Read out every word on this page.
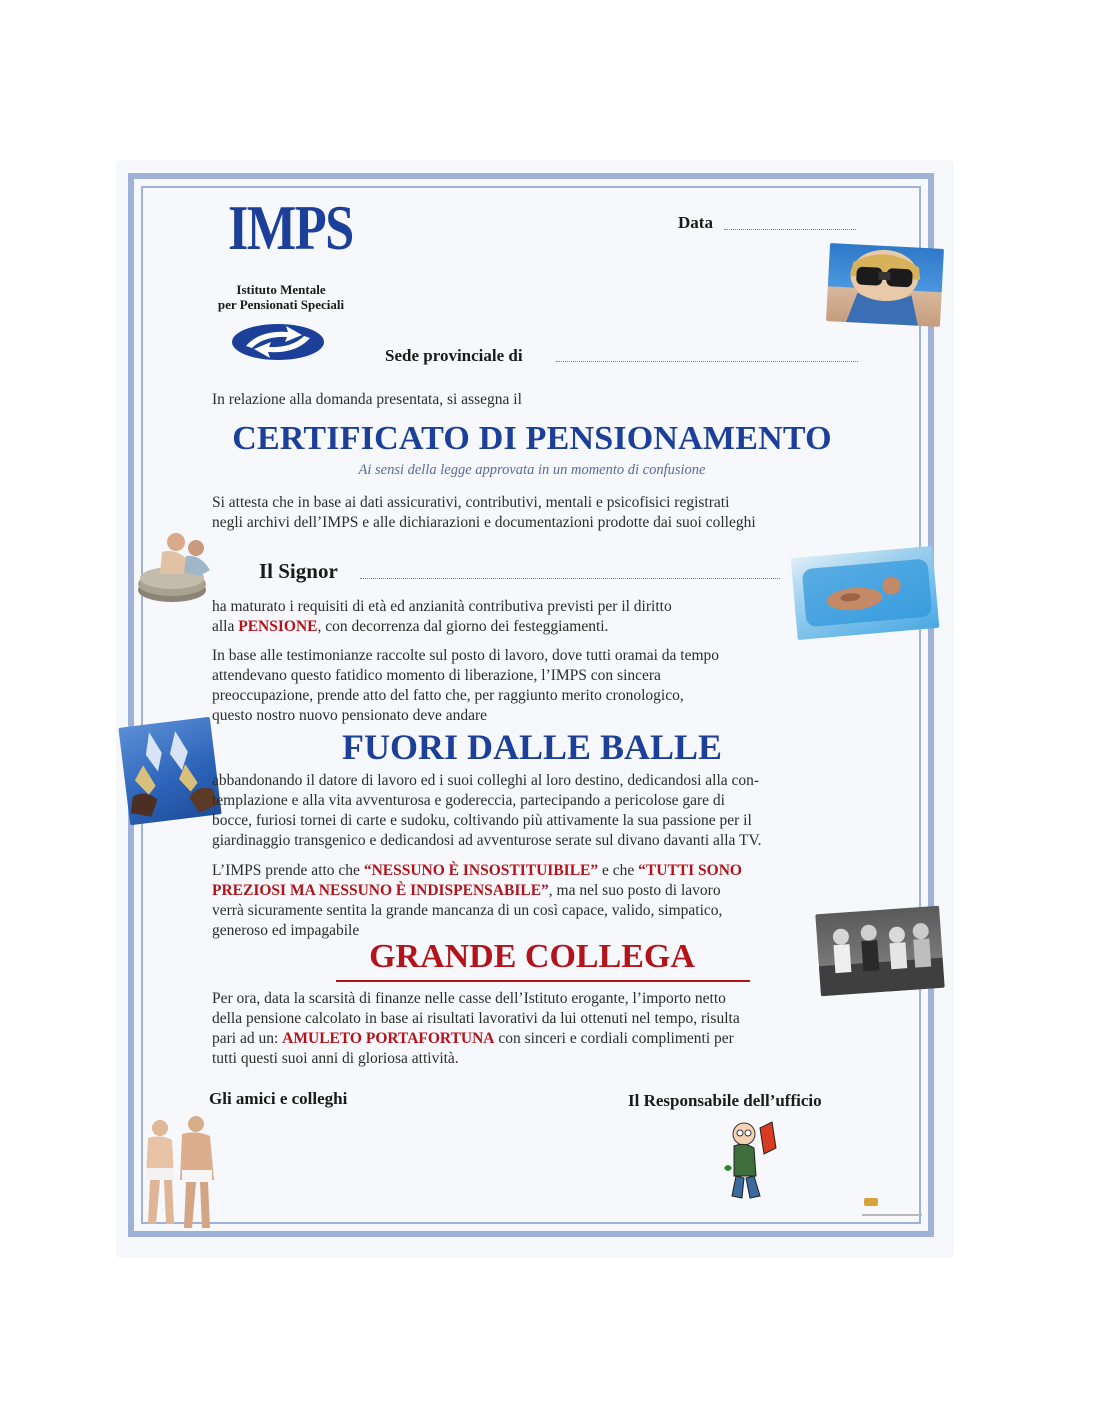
IMPS
Istituto Mentale
per Pensionati Speciali
Data
Sede provinciale di
In relazione alla domanda presentata, si assegna il
CERTIFICATO DI PENSIONAMENTO
Ai sensi della legge approvata in un momento di confusione
Si attesta che in base ai dati assicurativi, contributivi, mentali e psicofisici registrati
negli archivi dell’IMPS e alle dichiarazioni e documentazioni prodotte dai suoi colleghi
Il Signor
ha maturato i requisiti di età ed anzianità contributiva previsti per il diritto
alla PENSIONE, con decorrenza dal giorno dei festeggiamenti.
In base alle testimonianze raccolte sul posto di lavoro, dove tutti oramai da tempo
attendevano questo fatidico momento di liberazione, l’IMPS con sincera
preoccupazione, prende atto del fatto che, per raggiunto merito cronologico,
questo nostro nuovo pensionato deve andare
FUORI DALLE BALLE
abbandonando il datore di lavoro ed i suoi colleghi al loro destino, dedicandosi alla con-
templazione e alla vita avventurosa e godereccia, partecipando a pericolose gare di
bocce, furiosi tornei di carte e sudoku, coltivando più attivamente la sua passione per il
giardinaggio transgenico e dedicandosi ad avventurose serate sul divano davanti alla TV.
L’IMPS prende atto che “NESSUNO È INSOSTITUIBILE” e che “TUTTI SONO
PREZIOSI MA NESSUNO È INDISPENSABILE”, ma nel suo posto di lavoro
verrà sicuramente sentita la grande mancanza di un così capace, valido, simpatico,
generoso ed impagabile
GRANDE COLLEGA
Per ora, data la scarsità di finanze nelle casse dell’Istituto erogante, l’importo netto
della pensione calcolato in base ai risultati lavorativi da lui ottenuti nel tempo, risulta
pari ad un: AMULETO PORTAFORTUNA con sinceri e cordiali complimenti per
tutti questi suoi anni di gloriosa attività.
Gli amici e colleghi	Il Responsabile dell’ufficio
